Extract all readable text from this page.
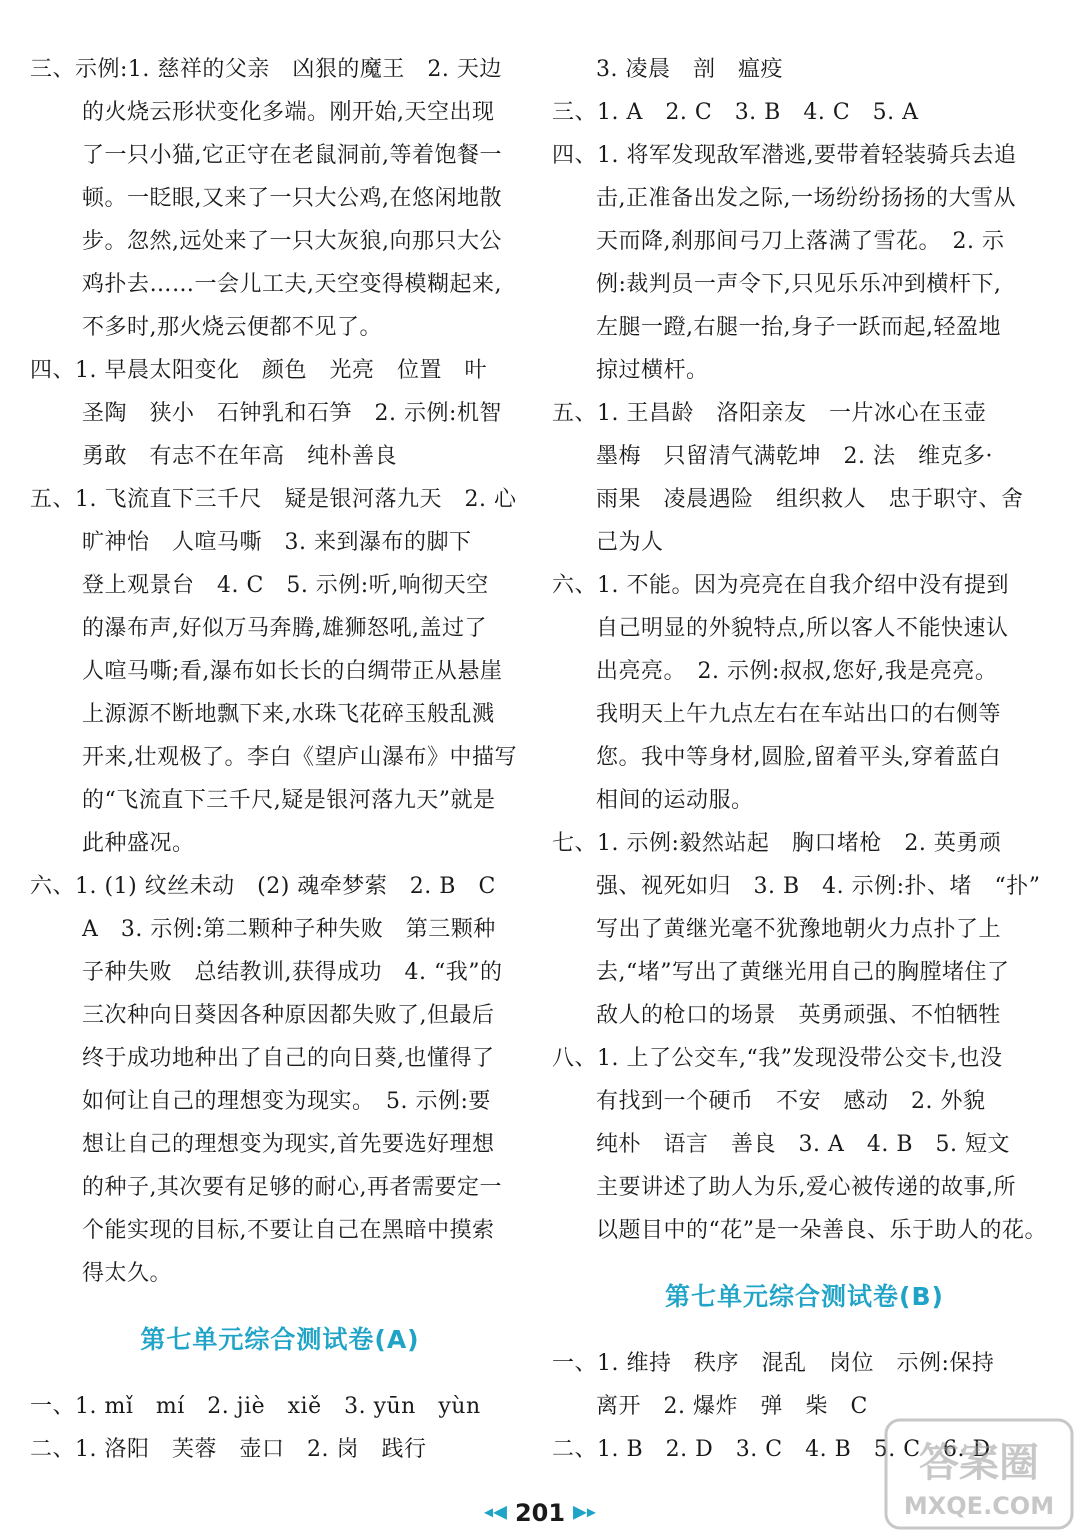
三、示例:1. 慈祥的父亲　凶狠的魔王　2. 天边
的火烧云形状变化多端。刚开始,天空出现
了一只小猫,它正守在老鼠洞前,等着饱餐一
顿。一眨眼,又来了一只大公鸡,在悠闲地散
步。忽然,远处来了一只大灰狼,向那只大公
鸡扑去……一会儿工夫,天空变得模糊起来,
不多时,那火烧云便都不见了。
四、1. 早晨太阳变化　颜色　光亮　位置　叶
圣陶　狭小　石钟乳和石笋　2. 示例:机智
勇敢　有志不在年高　纯朴善良
五、1. 飞流直下三千尺　疑是银河落九天　2. 心
旷神怡　人喧马嘶　3. 来到瀑布的脚下
登上观景台　4. C　5. 示例:听,响彻天空
的瀑布声,好似万马奔腾,雄狮怒吼,盖过了
人喧马嘶;看,瀑布如长长的白绸带正从悬崖
上源源不断地飘下来,水珠飞花碎玉般乱溅
开来,壮观极了。李白《望庐山瀑布》中描写
的“飞流直下三千尺,疑是银河落九天”就是
此种盛况。
六、1. (1) 纹丝未动　(2) 魂牵梦萦　2. B　C
A　3. 示例:第二颗种子种失败　第三颗种
子种失败　总结教训,获得成功　4. “我”的
三次种向日葵因各种原因都失败了,但最后
终于成功地种出了自己的向日葵,也懂得了
如何让自己的理想变为现实。　5. 示例:要
想让自己的理想变为现实,首先要选好理想
的种子,其次要有足够的耐心,再者需要定一
个能实现的目标,不要让自己在黑暗中摸索
得太久。
第七单元综合测试卷(A)
一、1. mǐ　mí　2. jiè　xiě　3. yūn　yùn
二、1. 洛阳　芙蓉　壶口　2. 岗　践行
3. 凌晨　剖　瘟疫
三、1. A　2. C　3. B　4. C　5. A
四、1. 将军发现敌军潜逃,要带着轻装骑兵去追
击,正准备出发之际,一场纷纷扬扬的大雪从
天而降,刹那间弓刀上落满了雪花。　2. 示
例:裁判员一声令下,只见乐乐冲到横杆下,
左腿一蹬,右腿一抬,身子一跃而起,轻盈地
掠过横杆。
五、1. 王昌龄　洛阳亲友　一片冰心在玉壶
墨梅　只留清气满乾坤　2. 法　维克多·
雨果　凌晨遇险　组织救人　忠于职守、舍
己为人
六、1. 不能。因为亮亮在自我介绍中没有提到
自己明显的外貌特点,所以客人不能快速认
出亮亮。　2. 示例:叔叔,您好,我是亮亮。
我明天上午九点左右在车站出口的右侧等
您。我中等身材,圆脸,留着平头,穿着蓝白
相间的运动服。
七、1. 示例:毅然站起　胸口堵枪　2. 英勇顽
强、视死如归　3. B　4. 示例:扑、堵　“扑”
写出了黄继光毫不犹豫地朝火力点扑了上
去,“堵”写出了黄继光用自己的胸膛堵住了
敌人的枪口的场景　英勇顽强、不怕牺牲
八、1. 上了公交车,“我”发现没带公交卡,也没
有找到一个硬币　不安　感动　2. 外貌
纯朴　语言　善良　3. A　4. B　5. 短文
主要讲述了助人为乐,爱心被传递的故事,所
以题目中的“花”是一朵善良、乐于助人的花。
第七单元综合测试卷(B)
一、1. 维持　秩序　混乱　岗位　示例:保持
离开　2. 爆炸　弹　柴　C
二、1. B　2. D　3. C　4. B　5. C　6. D
◂◀ 201 ▶▸
答案圈
MXQE.COM
